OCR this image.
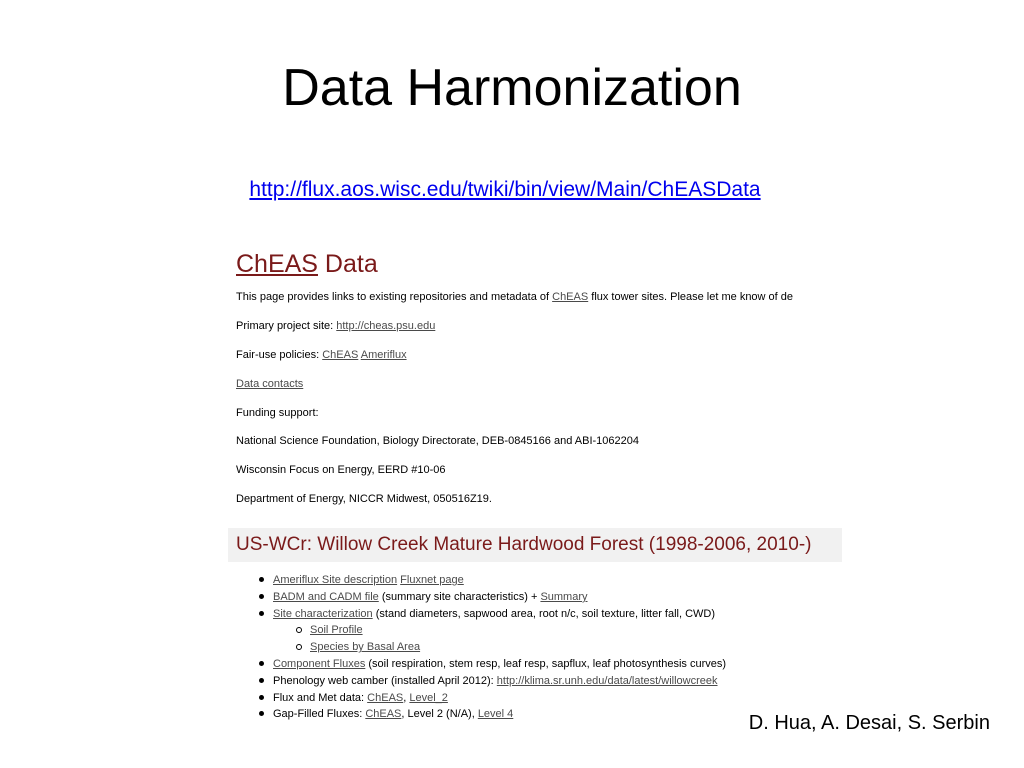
Data Harmonization
http://flux.aos.wisc.edu/twiki/bin/view/Main/ChEASData
ChEAS Data
This page provides links to existing repositories and metadata of ChEAS flux tower sites. Please let me know of de
Primary project site: http://cheas.psu.edu
Fair-use policies: ChEAS Ameriflux
Data contacts
Funding support:
National Science Foundation, Biology Directorate, DEB-0845166 and ABI-1062204
Wisconsin Focus on Energy, EERD #10-06
Department of Energy, NICCR Midwest, 050516Z19.
US-WCr: Willow Creek Mature Hardwood Forest (1998-2006, 2010-)
Ameriflux Site description Fluxnet page
BADM and CADM file (summary site characteristics) + Summary
Site characterization (stand diameters, sapwood area, root n/c, soil texture, litter fall, CWD)
Soil Profile
Species by Basal Area
Component Fluxes (soil respiration, stem resp, leaf resp, sapflux, leaf photosynthesis curves)
Phenology web camber (installed April 2012): http://klima.sr.unh.edu/data/latest/willowcreek
Flux and Met data: ChEAS, Level_2
Gap-Filled Fluxes: ChEAS, Level 2 (N/A), Level 4	D. Hua, A. Desai, S. Serbin
